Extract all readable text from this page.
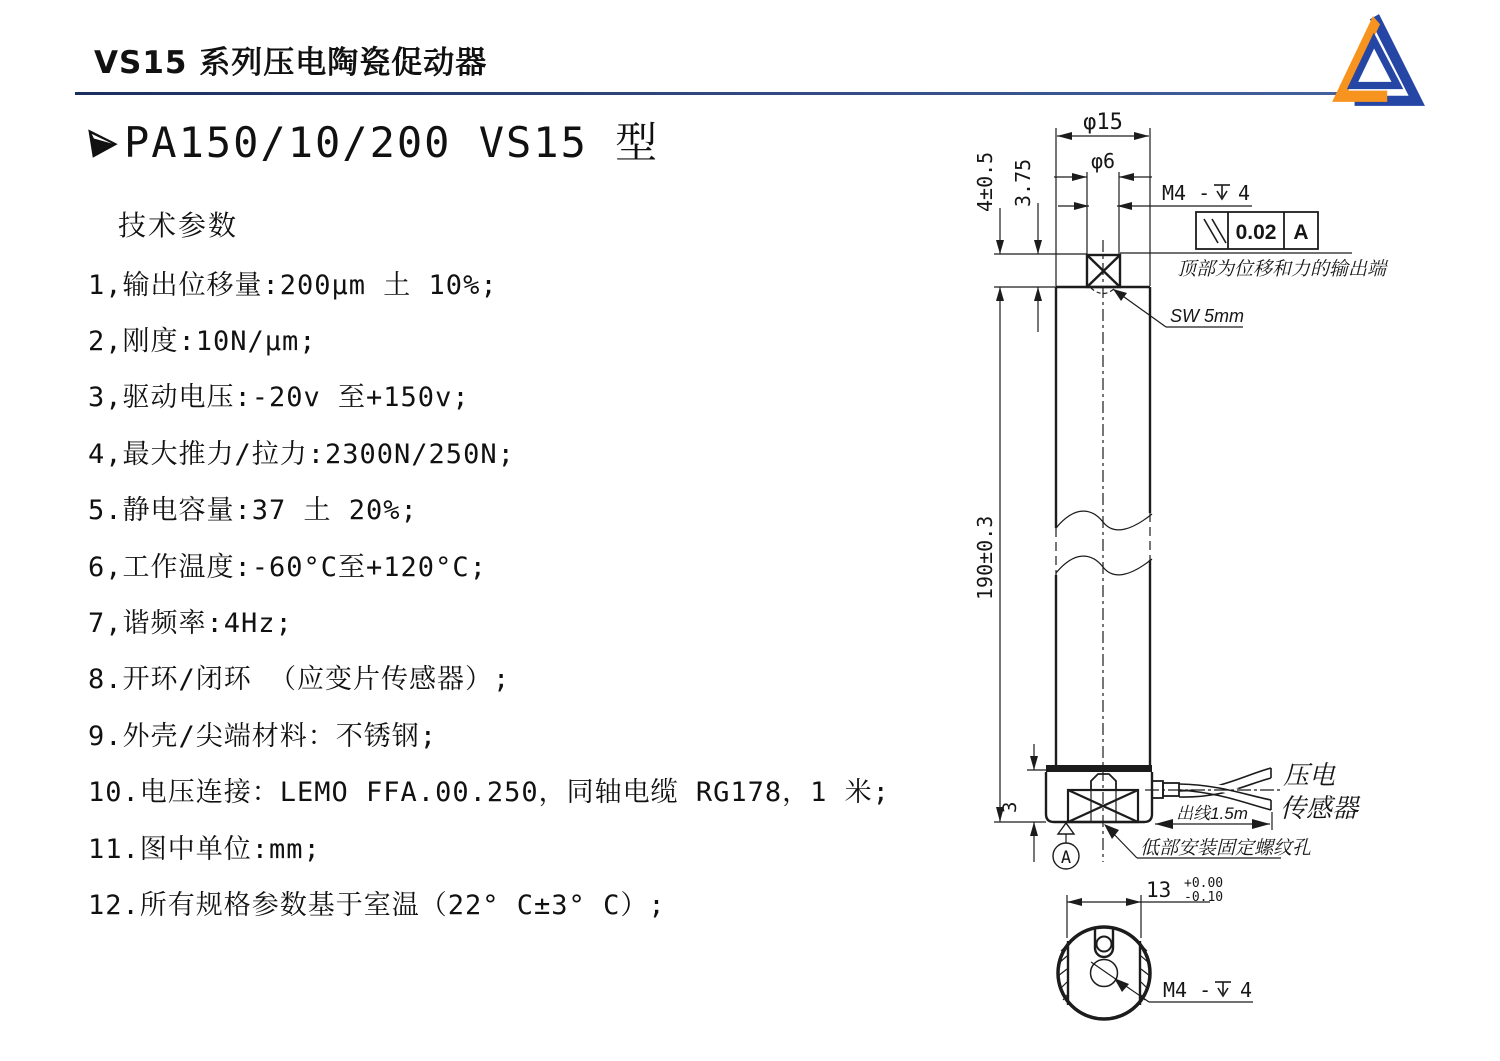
VS15 系列压电陶瓷促动器
PA150/10/200 VS15 型
技术参数
1,输出位移量:200μm 土 10%;
2,刚度:10N/μm;
3,驱动电压:-20v 至+150v;
4,最大推力/拉力:2300N/250N;
5.静电容量:37 土 20%;
6,工作温度:-60°C至+120°C;
7,谐频率:4Hz;
8.开环/闭环 （应变片传感器）;
9.外壳/尖端材料：不锈钢;
10.电压连接：LEMO FFA.00.250，同轴电缆 RG178，1 米;
11.图中单位:mm;
12.所有规格参数基于室温（22° C±3° C）;
φ15
φ6
M4 - 4
0.02 A
顶部为位移和力的输出端
SW 5mm
4±0.5 3.75
190±0.3
3
A
压电
传感器
出线1.5m
低部安装固定螺纹孔
13 +0.00
-0.10
M4 - 4
